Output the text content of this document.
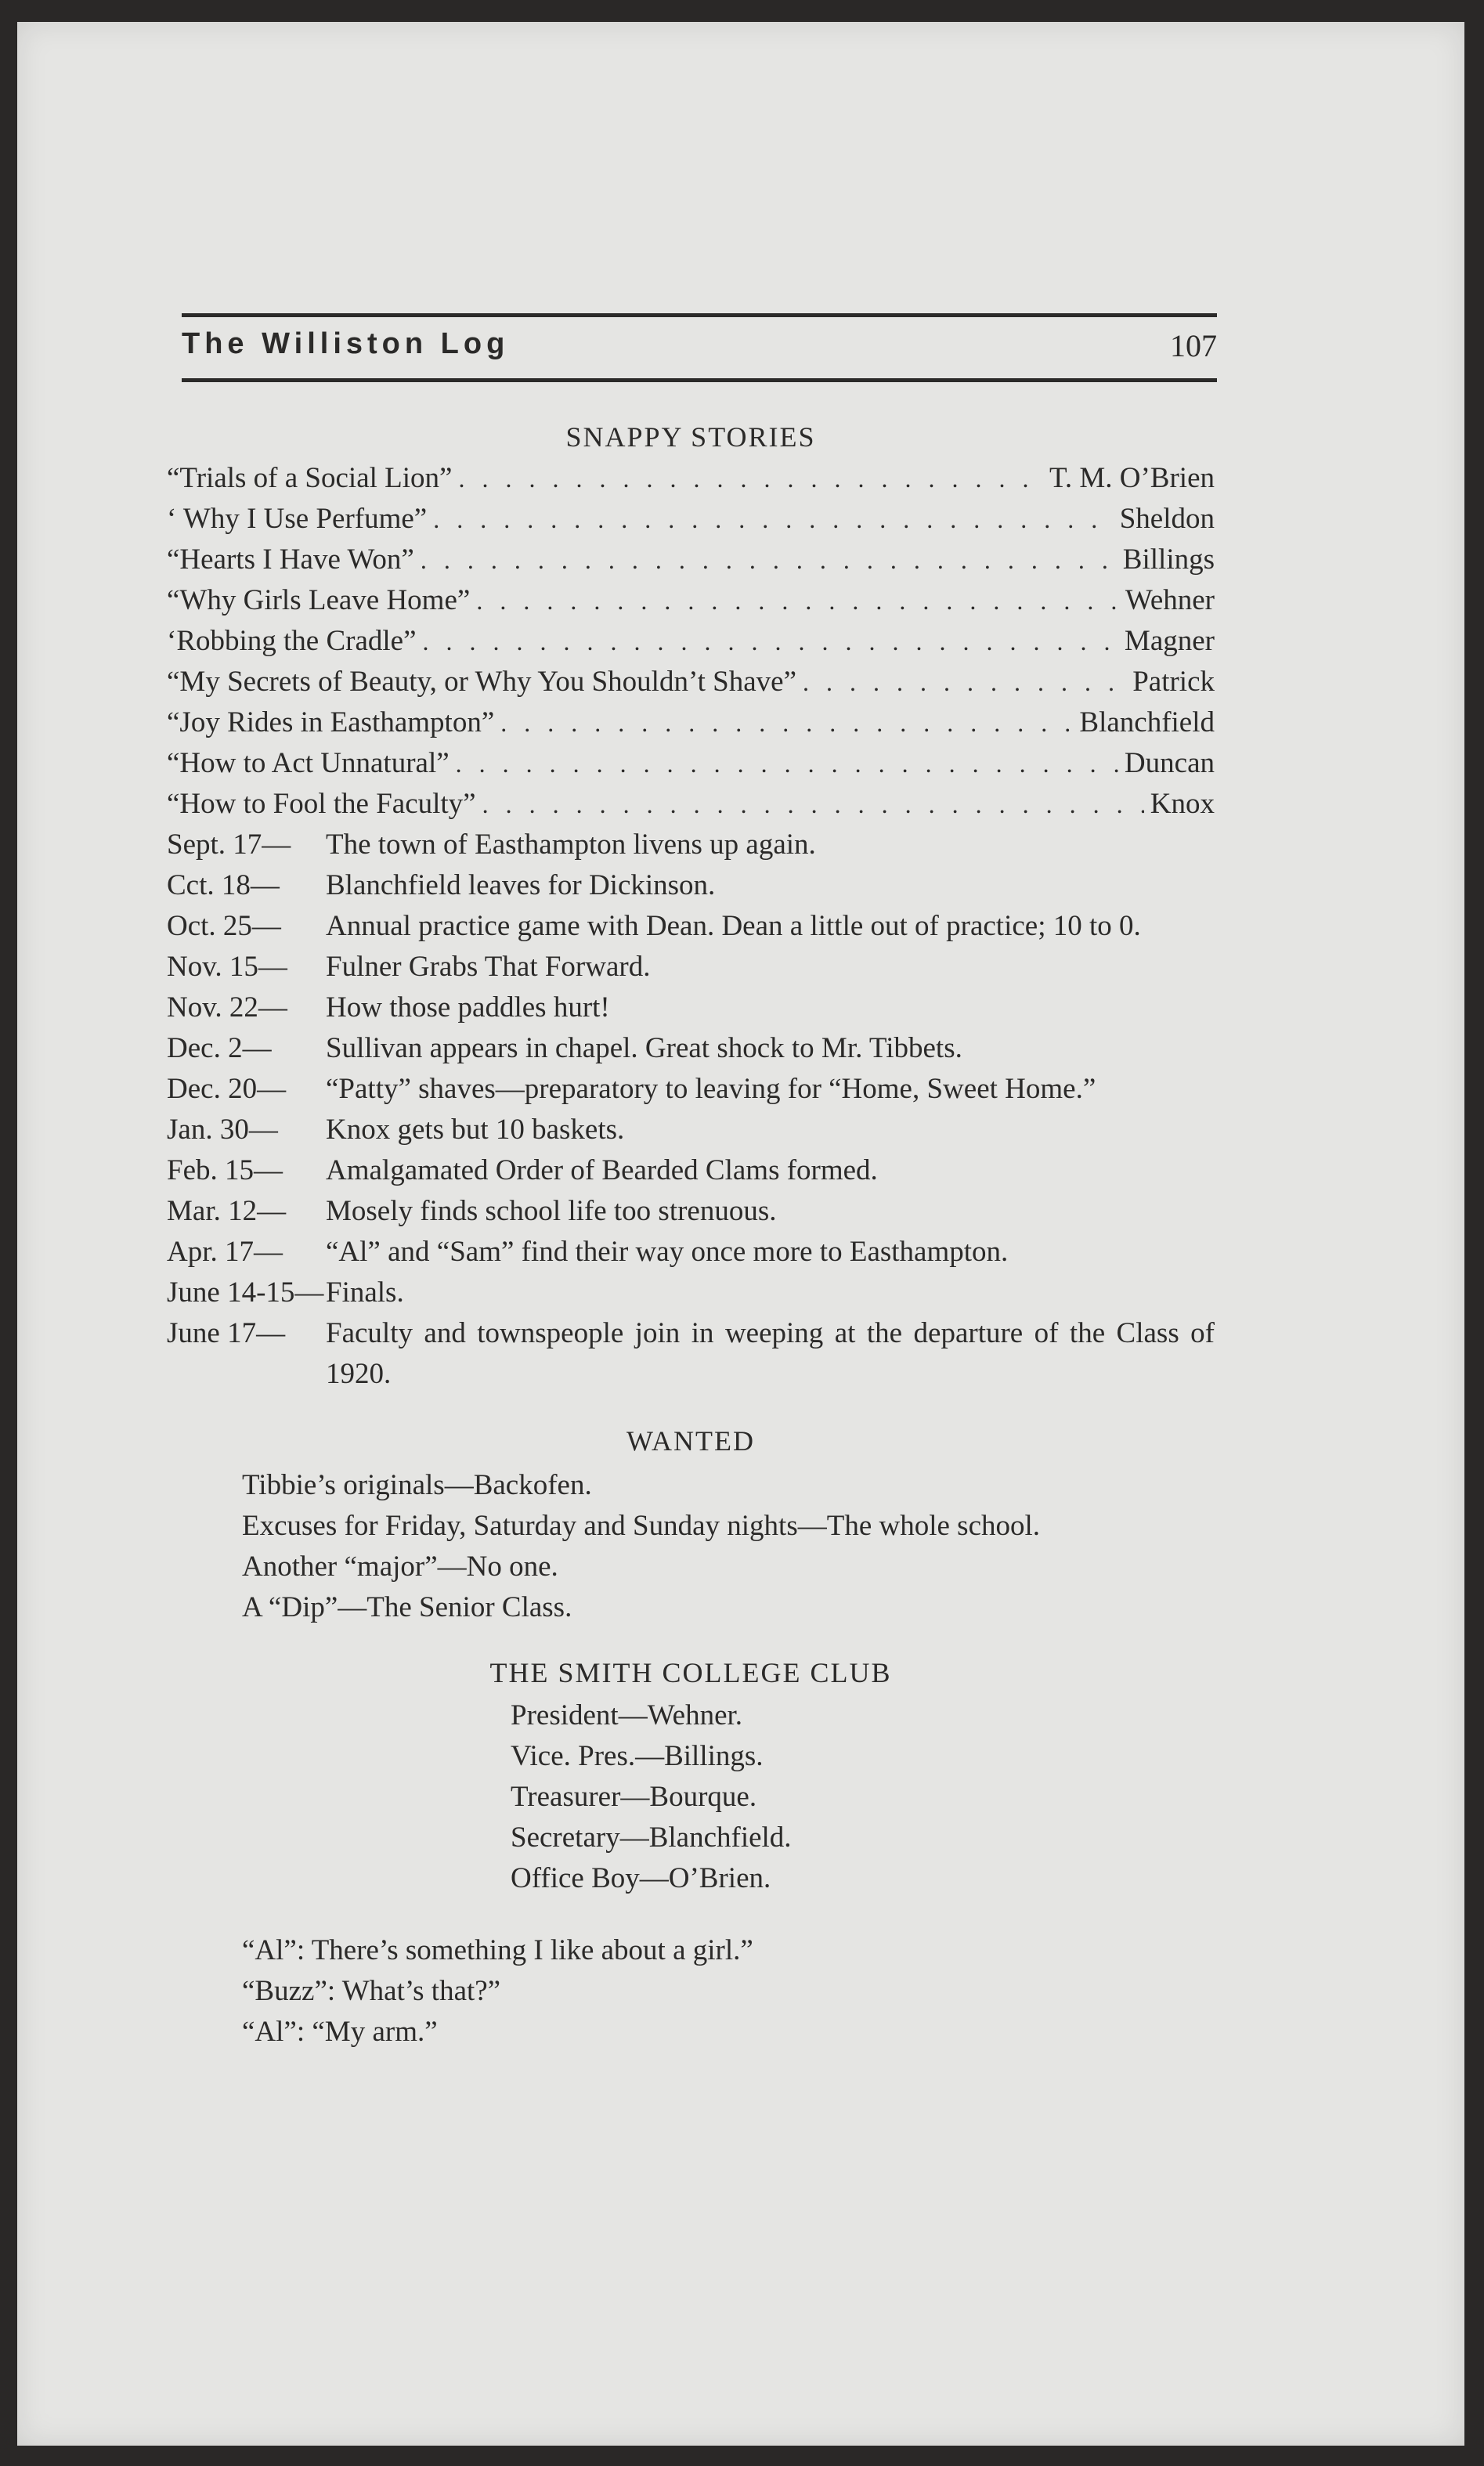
The Williston Log	107
SNAPPY STORIES
“Trials of a Social Lion” . . .	T. M. O’Brien
‘ Why I Use Perfume” . . .	Sheldon
“Hearts I Have Won” . . .	Billings
“Why Girls Leave Home” . . .	Wehner
‘Robbing the Cradle” . . .	Magner
“My Secrets of Beauty, or Why You Shouldn’t Shave” . . .	Patrick
“Joy Rides in Easthampton” . . .	Blanchfield
“How to Act Unnatural” . . .	Duncan
“How to Fool the Faculty” . . .	Knox
Sept. 17—	The town of Easthampton livens up again.
Cct. 18—	Blanchfield leaves for Dickinson.
Oct. 25—	Annual practice game with Dean. Dean a little out of practice; 10 to 0.
Nov. 15—	Fulner Grabs That Forward.
Nov. 22—	How those paddles hurt!
Dec. 2—	Sullivan appears in chapel. Great shock to Mr. Tibbets.
Dec. 20—	“Patty” shaves—preparatory to leaving for “Home, Sweet Home.”
Jan. 30—	Knox gets but 10 baskets.
Feb. 15—	Amalgamated Order of Bearded Clams formed.
Mar. 12—	Mosely finds school life too strenuous.
Apr. 17—	“Al” and “Sam” find their way once more to Easthampton.
June 14-15— Finals.
June 17—	Faculty and townspeople join in weeping at the departure of the Class of 1920.
WANTED
Tibbie’s originals—Backofen.
Excuses for Friday, Saturday and Sunday nights—The whole school.
Another “major”—No one.
A “Dip”—The Senior Class.
THE SMITH COLLEGE CLUB
President—Wehner.
Vice. Pres.—Billings.
Treasurer—Bourque.
Secretary—Blanchfield.
Office Boy—O’Brien.
“Al”: There’s something I like about a girl.”
“Buzz”: What’s that?”
“Al”: “My arm.”
